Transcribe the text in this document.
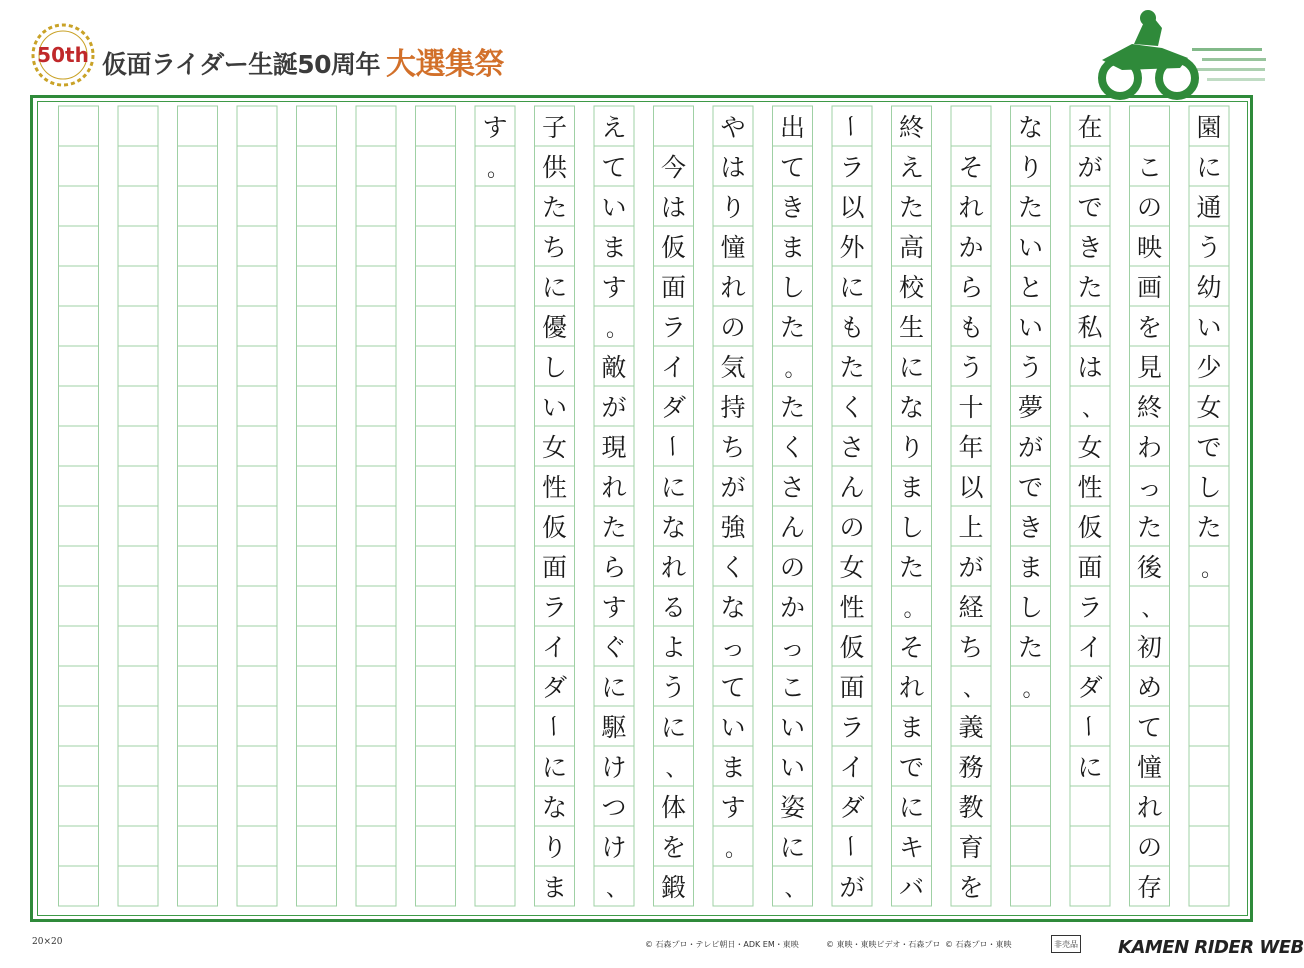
50th 仮面ライダー生誕50周年 大選集祭
園
に
通
う
幼
い
少
女
で
し
た
。
こ
の
映
画
を
見
終
わ
っ
た
後
、
初
め
て
憧
れ
の
存
在
が
で
き
た
私
は
、
女
性
仮
面
ラ
イ
ダ
ー
に
な
り
た
い
と
い
う
夢
が
で
き
ま
し
た
。
そ
れ
か
ら
も
う
十
年
以
上
が
経
ち
、
義
務
教
育
を
終
え
た
高
校
生
に
な
り
ま
し
た
。
そ
れ
ま
で
に
キ
バ
ー
ラ
以
外
に
も
た
く
さ
ん
の
女
性
仮
面
ラ
イ
ダ
ー
が
出
て
き
ま
し
た
。
た
く
さ
ん
の
か
っ
こ
い
い
姿
に
、
や
は
り
憧
れ
の
気
持
ち
が
強
く
な
っ
て
い
ま
す
。
今
は
仮
面
ラ
イ
ダ
ー
に
な
れ
る
よ
う
に
、
体
を
鍛
え
て
い
ま
す
。
敵
が
現
れ
た
ら
す
ぐ
に
駆
け
つ
け
、
子
供
た
ち
に
優
し
い
女
性
仮
面
ラ
イ
ダ
ー
に
な
り
ま
す
。
20×20	© 石森プロ・テレビ朝日・ADK EM・東映	© 東映・東映ビデオ・石森プロ © 石森プロ・東映	非売品 KAMEN RIDER WEB
